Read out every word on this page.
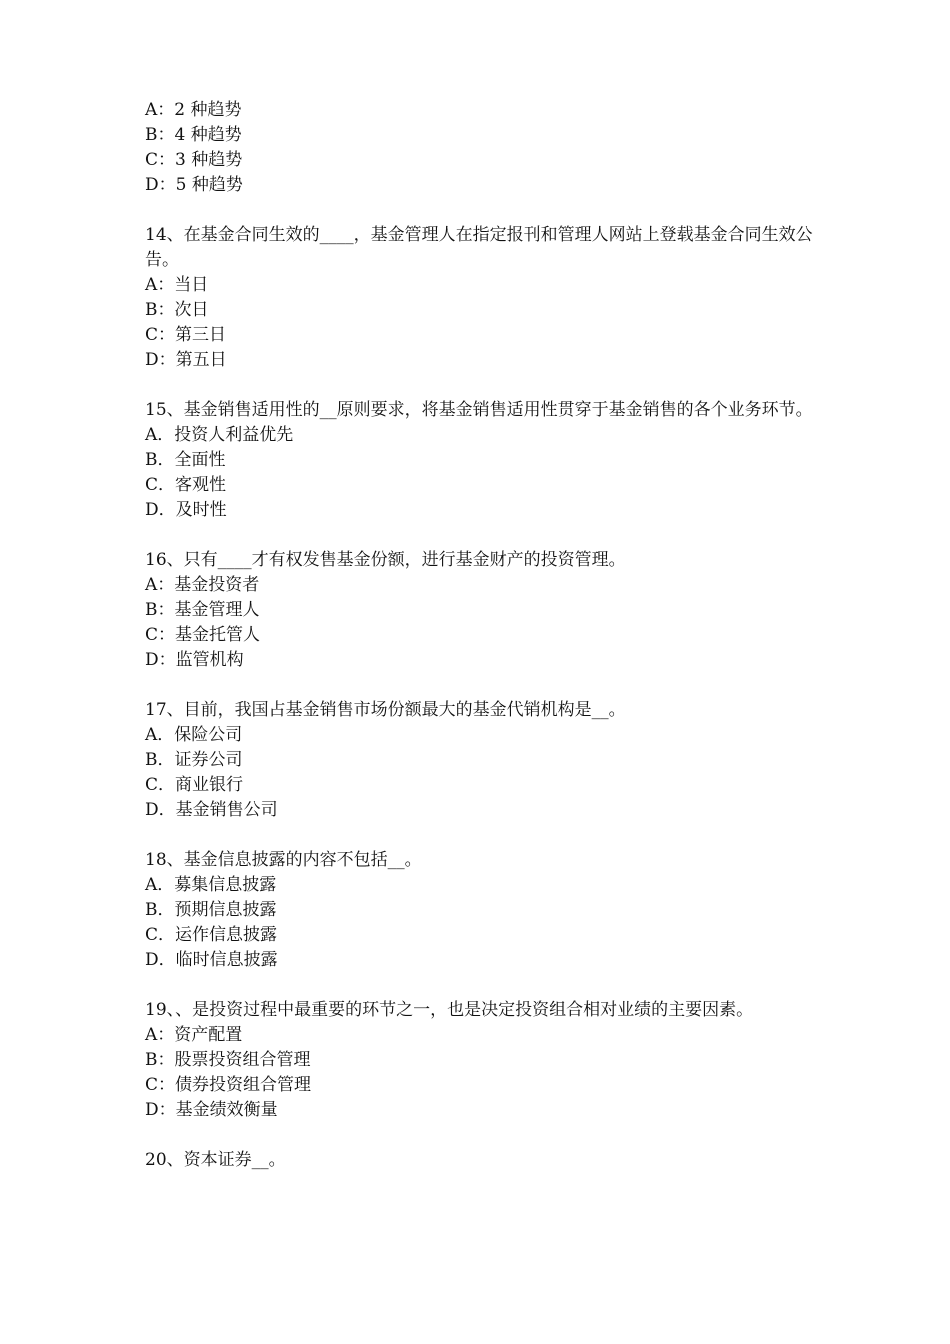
A：2 种趋势
B：4 种趋势
C：3 种趋势
D：5 种趋势
14、在基金合同生效的____，基金管理人在指定报刊和管理人网站上登载基金合同生效公告。
A：当日
B：次日
C：第三日
D：第五日
15、基金销售适用性的__原则要求，将基金销售适用性贯穿于基金销售的各个业务环节。
A．投资人利益优先
B．全面性
C．客观性
D．及时性
16、只有____才有权发售基金份额，进行基金财产的投资管理。
A：基金投资者
B：基金管理人
C：基金托管人
D：监管机构
17、目前，我国占基金销售市场份额最大的基金代销机构是__。
A．保险公司
B．证券公司
C．商业银行
D．基金销售公司
18、基金信息披露的内容不包括__。
A．募集信息披露
B．预期信息披露
C．运作信息披露
D．临时信息披露
19、、是投资过程中最重要的环节之一，也是决定投资组合相对业绩的主要因素。
A：资产配置
B：股票投资组合管理
C：债券投资组合管理
D：基金绩效衡量
20、资本证券__。
